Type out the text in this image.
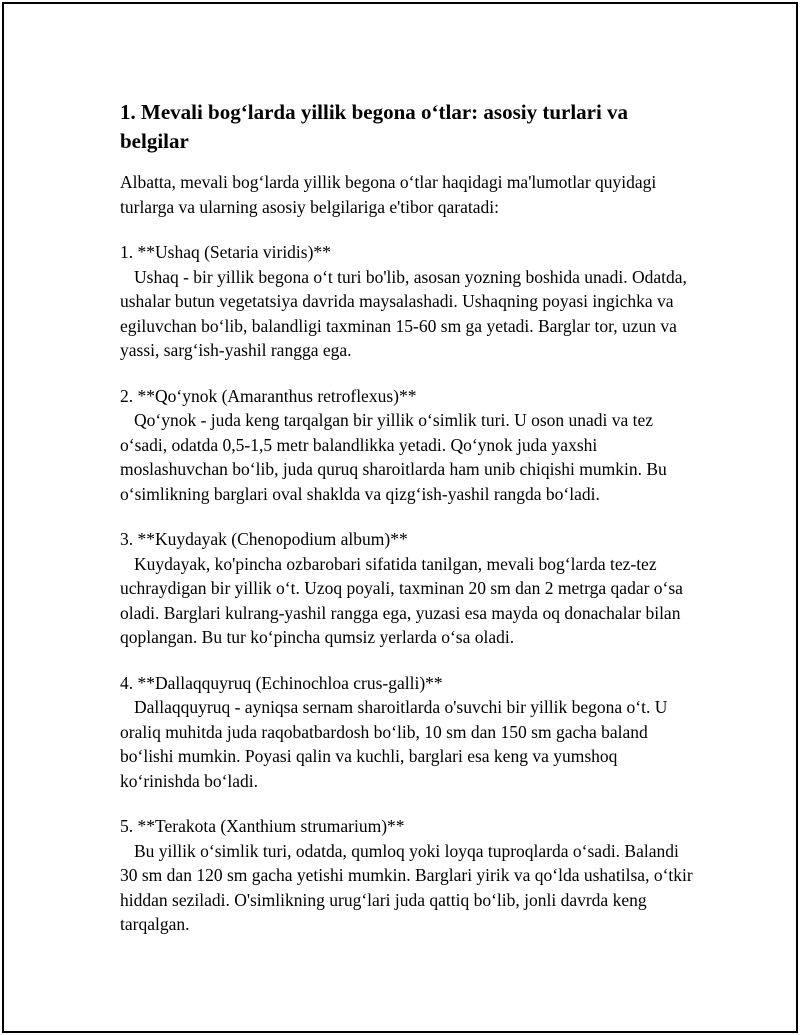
1. Mevali bog‘larda yillik begona o‘tlar: asosiy turlari va belgilar

Albatta, mevali bog‘larda yillik begona o‘tlar haqidagi ma'lumotlar quyidagi turlarga va ularning asosiy belgilariga e'tibor qaratadi:

1. **Ushaq (Setaria viridis)**

Ushaq - bir yillik begona o‘t turi bo'lib, asosan yozning boshida unadi. Odatda, ushalar butun vegetatsiya davrida maysalashadi. Ushaqning poyasi ingichka va egiluvchan bo‘lib, balandligi taxminan 15-60 sm ga yetadi. Barglar tor, uzun va yassi, sarg‘ish-yashil rangga ega.

2. **Qo‘ynok (Amaranthus retroflexus)**

Qo‘ynok - juda keng tarqalgan bir yillik o‘simlik turi. U oson unadi va tez o‘sadi, odatda 0,5-1,5 metr balandlikka yetadi. Qo‘ynok juda yaxshi moslashuvchan bo‘lib, juda quruq sharoitlarda ham unib chiqishi mumkin. Bu o‘simlikning barglari oval shaklda va qizg‘ish-yashil rangda bo‘ladi.

3. **Kuydayak (Chenopodium album)**

Kuydayak, ko'pincha ozbarobari sifatida tanilgan, mevali bog‘larda tez-tez uchraydigan bir yillik o‘t. Uzoq poyali, taxminan 20 sm dan 2 metrga qadar o‘sa oladi. Barglari kulrang-yashil rangga ega, yuzasi esa mayda oq donachalar bilan qoplangan. Bu tur ko‘pincha qumsiz yerlarda o‘sa oladi.

4. **Dallaqquyruq (Echinochloa crus-galli)**

Dallaqquyruq - ayniqsa sernam sharoitlarda o'suvchi bir yillik begona o‘t. U oraliq muhitda juda raqobatbardosh bo‘lib, 10 sm dan 150 sm gacha baland bo‘lishi mumkin. Poyasi qalin va kuchli, barglari esa keng va yumshoq ko‘rinishda bo‘ladi.

5. **Terakota (Xanthium strumarium)**

Bu yillik o‘simlik turi, odatda, qumloq yoki loyqa tuproqlarda o‘sadi. Balandi 30 sm dan 120 sm gacha yetishi mumkin. Barglari yirik va qo‘lda ushatilsa, o‘tkir hiddan seziladi. O'simlikning urug‘lari juda qattiq bo‘lib, jonli davrda keng tarqalgan.
